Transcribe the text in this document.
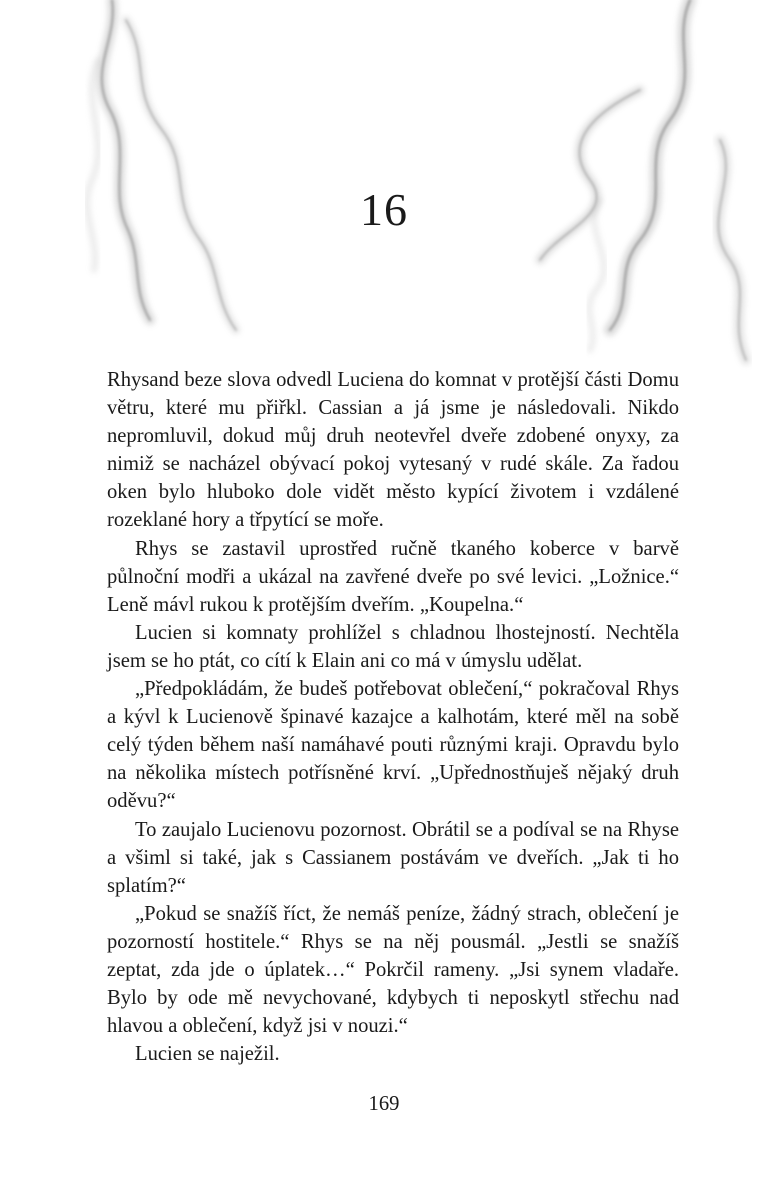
16

Rhysand beze slova odvedl Luciena do komnat v protější části Domu větru, které mu přiřkl. Cassian a já jsme je následovali. Nikdo nepromluvil, dokud můj druh neotevřel dveře zdobené onyxy, za nimiž se nacházel obývací pokoj vytesaný v rudé skále. Za řadou oken bylo hluboko dole vidět město kypící životem i vzdálené rozeklané hory a třpytící se moře.

Rhys se zastavil uprostřed ručně tkaného koberce v barvě půlnoční modři a ukázal na zavřené dveře po své levici. „Ložnice.“ Leně mávl rukou k protějším dveřím. „Koupelna.“

Lucien si komnaty prohlížel s chladnou lhostejností. Nechtěla jsem se ho ptát, co cítí k Elain ani co má v úmyslu udělat.

„Předpokládám, že budeš potřebovat oblečení,“ pokračoval Rhys a kývl k Lucienově špinavé kazajce a kalhotám, které měl na sobě celý týden během naší namáhavé pouti různými kraji. Opravdu bylo na několika místech potřísněné krví. „Upřednostňuješ nějaký druh oděvu?“

To zaujalo Lucienovu pozornost. Obrátil se a podíval se na Rhyse a všiml si také, jak s Cassianem postávám ve dveřích. „Jak ti ho splatím?“

„Pokud se snažíš říct, že nemáš peníze, žádný strach, oblečení je pozorností hostitele.“ Rhys se na něj pousmál. „Jestli se snažíš zeptat, zda jde o úplatek…“ Pokrčil rameny. „Jsi synem vladaře. Bylo by ode mě nevychované, kdybych ti neposkytl střechu nad hlavou a oblečení, když jsi v nouzi.“

Lucien se naježil.

169
